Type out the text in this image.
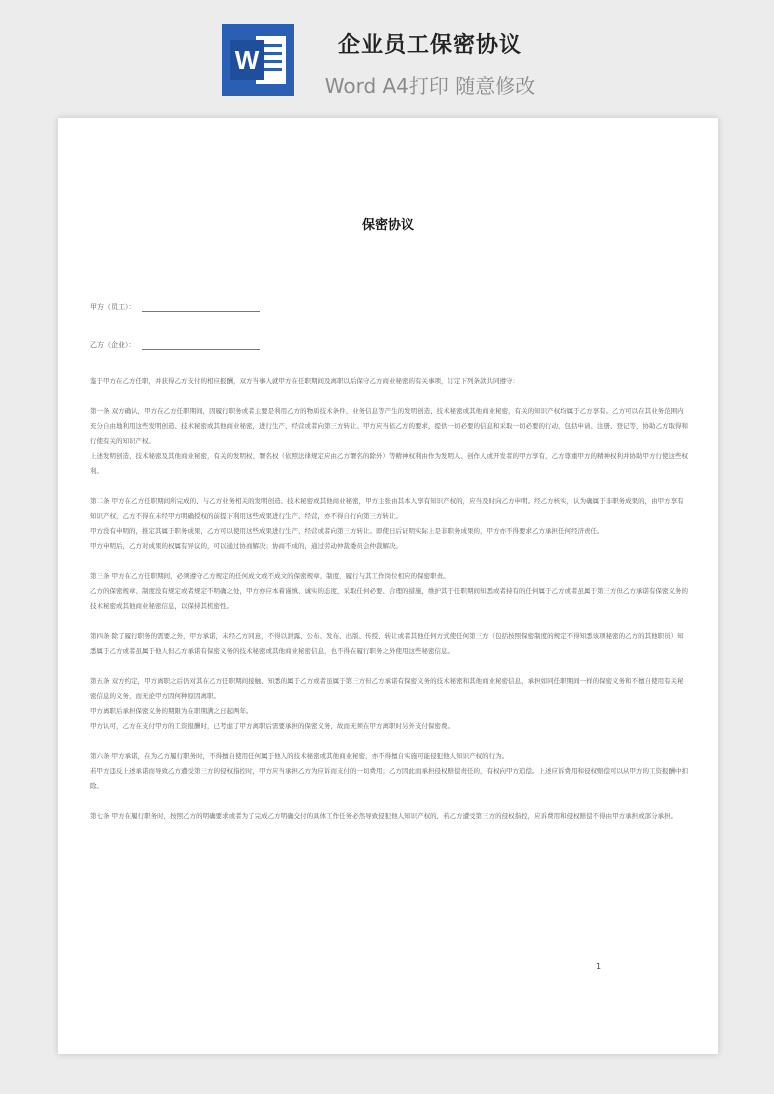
W	企业员工保密协议
Word A4打印 随意修改
保密协议
甲方（员工）：
乙方（企业）：

鉴于甲方在乙方任职，并获得乙方支付的相应报酬，双方当事人就甲方在任职期间及离职以后保守乙方商业秘密的有关事项，订定下列条款共同遵守：

第一条 双方确认，甲方在乙方任职期间，因履行职务或者主要是利用乙方的物质技术条件、业务信息等产生的发明创造、技术秘密或其他商业秘密，有关的知识产权均属于乙方享有。乙方可以在其业务范围内充分自由地利用这些发明创造、技术秘密或其他商业秘密，进行生产、经营或者向第三方转让。甲方应当依乙方的要求，提供一切必要的信息和采取一切必要的行动，包括申请、注册、登记等，协助乙方取得和行使有关的知识产权。

上述发明创造、技术秘密及其他商业秘密，有关的发明权、署名权（依照法律规定应由乙方署名的除外）等精神权利由作为发明人、创作人或开发者的甲方享有，乙方尊重甲方的精神权利并协助甲方行使这些权利。

第二条 甲方在乙方任职期间所完成的、与乙方业务相关的发明创造、技术秘密或其他商业秘密，甲方主张由其本人享有知识产权的，应当及时向乙方申明。经乙方核实，认为确属于非职务成果的，由甲方享有知识产权，乙方不得在未经甲方明确授权的前提下利用这些成果进行生产、经营，亦不得自行向第三方转让。

甲方没有申明的，推定其属于职务成果，乙方可以使用这些成果进行生产、经营或者向第三方转让。即使日后证明实际上是非职务成果的，甲方亦不得要求乙方承担任何经济责任。

甲方申明后，乙方对成果的权属有异议的，可以通过协商解决；协商不成的，通过劳动仲裁委员会仲裁解决。

第三条 甲方在乙方任职期间，必须遵守乙方规定的任何成文或不成文的保密规章、制度，履行与其工作岗位相应的保密职责。

乙方的保密规章、制度没有规定或者规定不明确之处，甲方亦应本着谨慎、诚实的态度，采取任何必要、合理的措施，维护其于任职期间知悉或者持有的任何属于乙方或者虽属于第三方但乙方承诺有保密义务的技术秘密或其他商业秘密信息，以保持其机密性。

第四条 除了履行职务的需要之外，甲方承诺，未经乙方同意，不得以泄露、公布、发布、出版、传授、转让或者其他任何方式使任何第三方（包括按照保密制度的规定不得知悉该项秘密的乙方的其他职员）知悉属于乙方或者虽属于他人但乙方承诺有保密义务的技术秘密或其他商业秘密信息，也不得在履行职务之外使用这些秘密信息。

第五条 双方约定，甲方离职之后仍对其在乙方任职期间接触、知悉的属于乙方或者虽属于第三方但乙方承诺有保密义务的技术秘密和其他商业秘密信息，承担如同任职期间一样的保密义务和不擅自使用有关秘密信息的义务，而无论甲方因何种原因离职。

甲方离职后承担保密义务的期限为在职期满之日起两年。

甲方认可，乙方在支付甲方的工资报酬时，已考虑了甲方离职后需要承担的保密义务，故而无须在甲方离职时另外支付保密费。

第六条 甲方承诺，在为乙方履行职务时，不得擅自使用任何属于他人的技术秘密或其他商业秘密，亦不得擅自实施可能侵犯他人知识产权的行为。

若甲方违反上述承诺而导致乙方遭受第三方的侵权指控时，甲方应当承担乙方为应诉而支付的一切费用；乙方因此而承担侵权赔偿责任的，有权向甲方追偿。上述应诉费用和侵权赔偿可以从甲方的工资报酬中扣除。

第七条 甲方在履行职务时，按照乙方的明确要求或者为了完成乙方明确交付的具体工作任务必然导致侵犯他人知识产权的，若乙方遭受第三方的侵权指控，应诉费用和侵权赔偿不得由甲方承担或部分承担。

1
